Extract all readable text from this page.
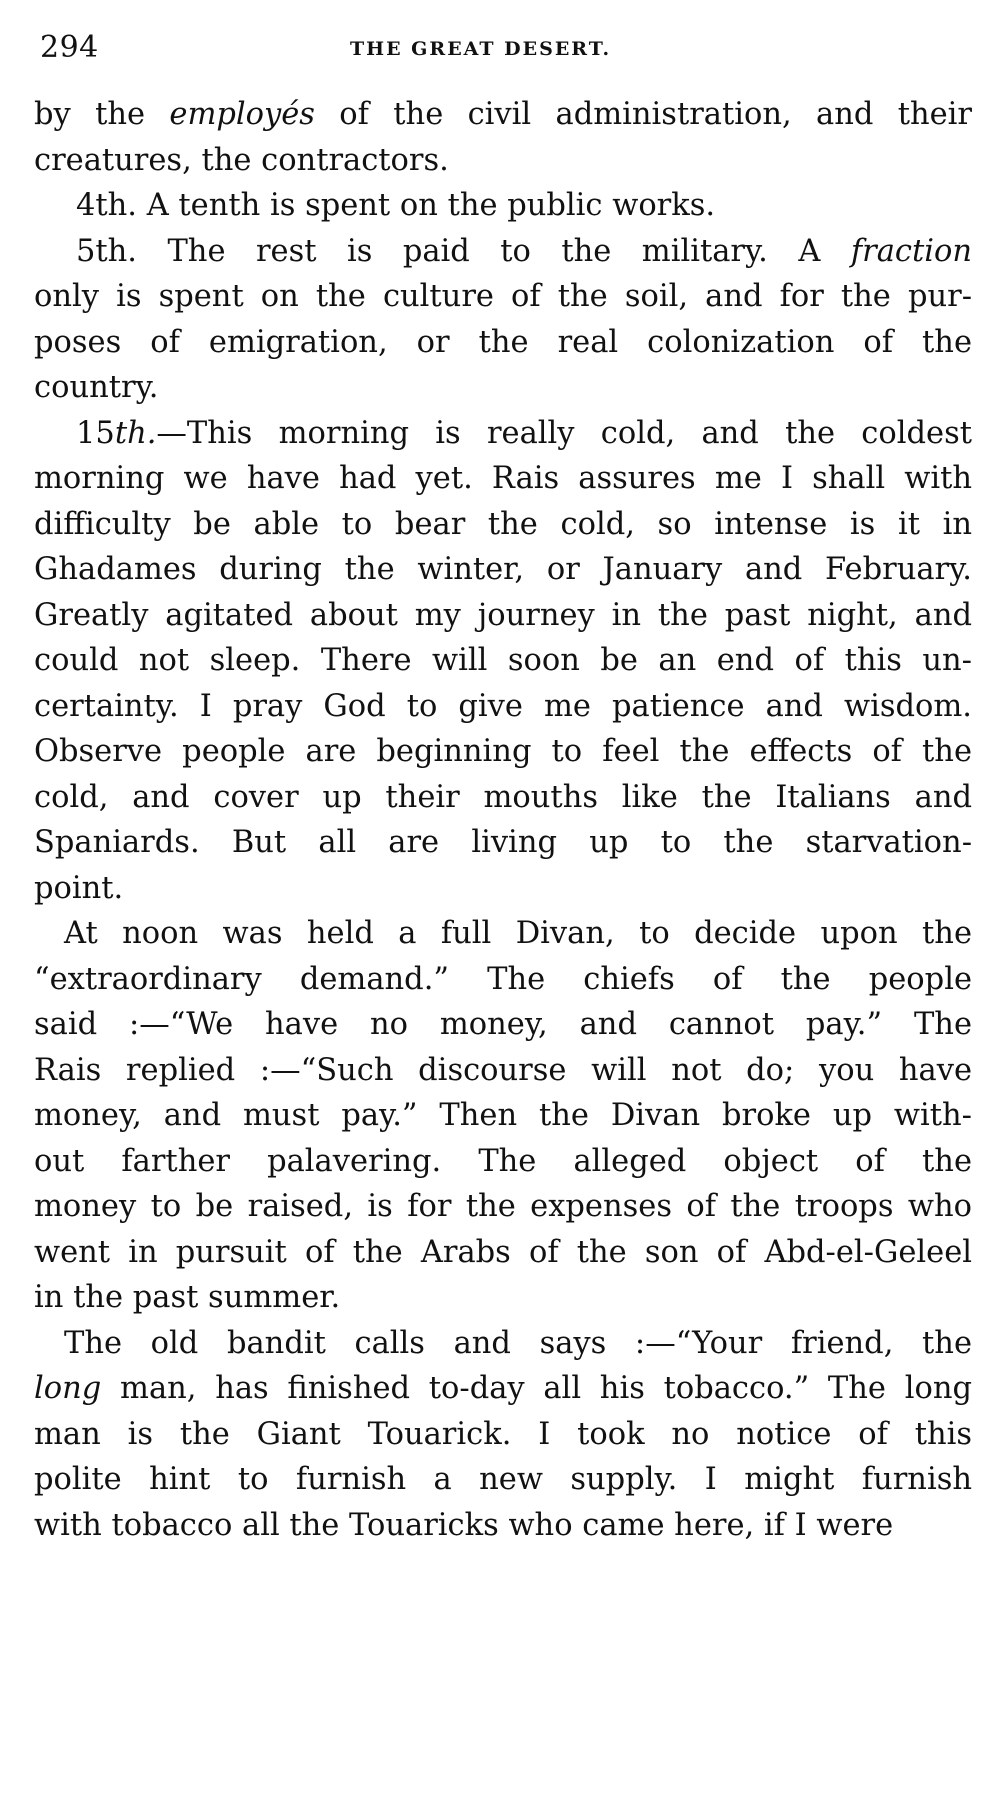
294	THE GREAT DESERT.
by the employés of the civil administration, and their
creatures, the contractors.
4th. A tenth is spent on the public works.
5th. The rest is paid to the military. A fraction
only is spent on the culture of the soil, and for the pur-
poses of emigration, or the real colonization of the
country.
15th.—This morning is really cold, and the coldest
morning we have had yet. Rais assures me I shall with
difficulty be able to bear the cold, so intense is it in
Ghadames during the winter, or January and February.
Greatly agitated about my journey in the past night, and
could not sleep. There will soon be an end of this un-
certainty. I pray God to give me patience and wisdom.
Observe people are beginning to feel the effects of the
cold, and cover up their mouths like the Italians and
Spaniards. But all are living up to the starvation-
point.
At noon was held a full Divan, to decide upon the
“extraordinary demand.” The chiefs of the people
said :—“We have no money, and cannot pay.” The
Rais replied :—“Such discourse will not do; you have
money, and must pay.” Then the Divan broke up with-
out farther palavering. The alleged object of the
money to be raised, is for the expenses of the troops who
went in pursuit of the Arabs of the son of Abd-el-Geleel
in the past summer.
The old bandit calls and says :—“Your friend, the
long man, has finished to-day all his tobacco.” The long
man is the Giant Touarick. I took no notice of this
polite hint to furnish a new supply. I might furnish
with tobacco all the Touaricks who came here, if I were
